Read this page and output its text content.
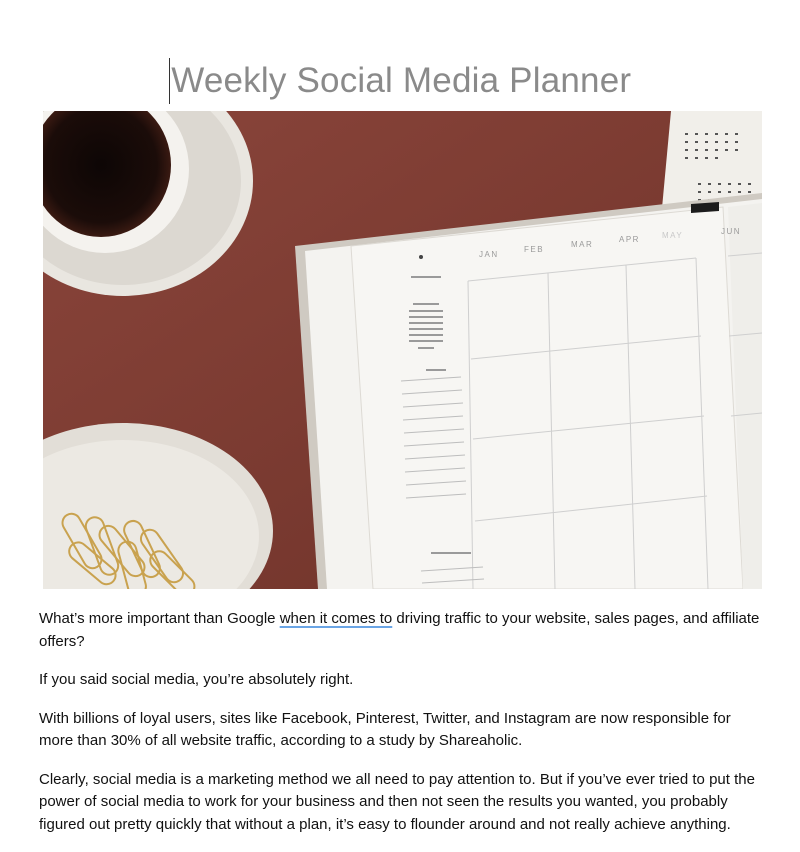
Weekly Social Media Planner
JAN
FEB
MAR
APR	MAY	JUN

What’s more important than Google when it comes to driving traffic to your website, sales pages, and affiliate offers?

If you said social media, you’re absolutely right.

With billions of loyal users, sites like Facebook, Pinterest, Twitter, and Instagram are now responsible for more than 30% of all website traffic, according to a study by Shareaholic.

Clearly, social media is a marketing method we all need to pay attention to. But if you’ve ever tried to put the power of social media to work for your business and then not seen the results you wanted, you probably figured out pretty quickly that without a plan, it’s easy to flounder around and not really achieve anything.
